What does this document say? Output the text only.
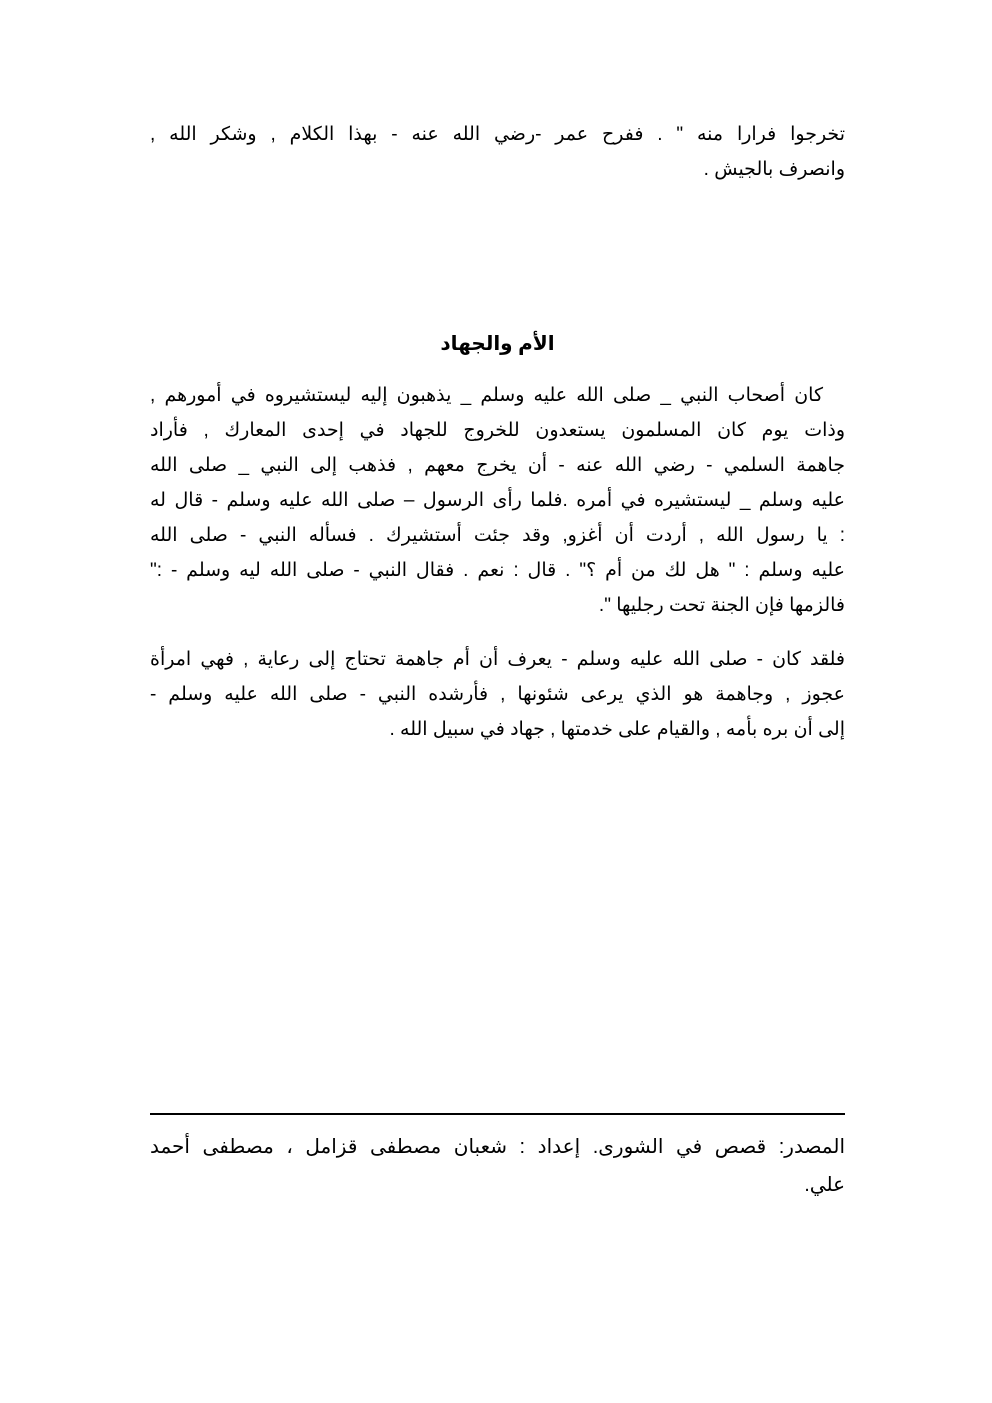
تخرجوا فرارا منه " . ففرح عمر -رضي الله عنه - بهذا الكلام , وشكر الله ,
وانصرف بالجيش .
الأم والجهاد
كان أصحاب النبي _ صلى الله عليه وسلم _ يذهبون إليه ليستشيروه في أمورهم ,
وذات يوم كان المسلمون يستعدون للخروج للجهاد في إحدى المعارك , فأراد
جاهمة السلمي - رضي الله عنه - أن يخرج معهم , فذهب إلى النبي _ صلى الله
عليه وسلم _ ليستشيره في أمره .فلما رأى الرسول – صلى الله عليه وسلم - قال له
: يا رسول الله , أردت أن أغزو, وقد جئت أستشيرك . فسأله النبي - صلى الله
عليه وسلم : " هل لك من أم ؟" . قال : نعم . فقال النبي - صلى الله ليه وسلم - :"
فالزمها فإن الجنة تحت رجليها ".
فلقد كان - صلى الله عليه وسلم - يعرف أن أم جاهمة تحتاج إلى رعاية , فهي امرأة
عجوز , وجاهمة هو الذي يرعى شئونها , فأرشده النبي - صلى الله عليه وسلم -
إلى أن بره بأمه , والقيام على خدمتها , جهاد في سبيل الله .
المصدر: قصص في الشورى. إعداد : شعبان مصطفى قزامل ، مصطفى أحمد
علي.
